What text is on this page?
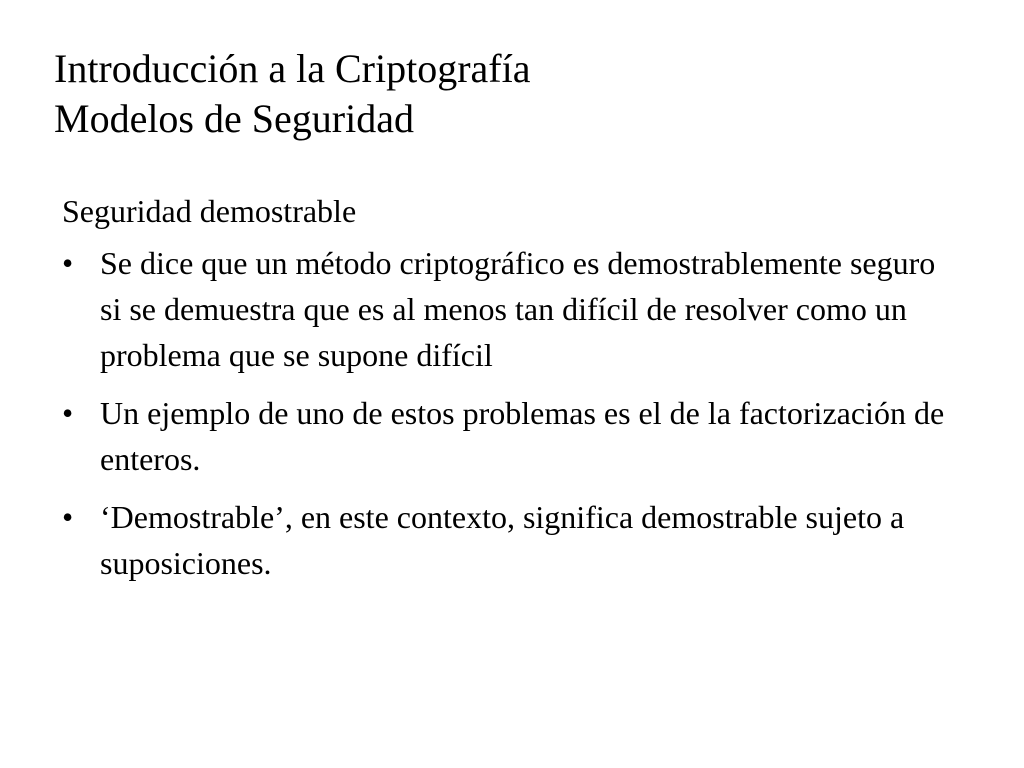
Introducción a la Criptografía
Modelos de Seguridad

Seguridad demostrable

• Se dice que un método criptográfico es demostrablemente seguro si se demuestra que es al menos tan difícil de resolver como un problema que se supone difícil
• Un ejemplo de uno de estos problemas es el de la factorización de enteros.
• ‘Demostrable’, en este contexto, significa demostrable sujeto a suposiciones.
